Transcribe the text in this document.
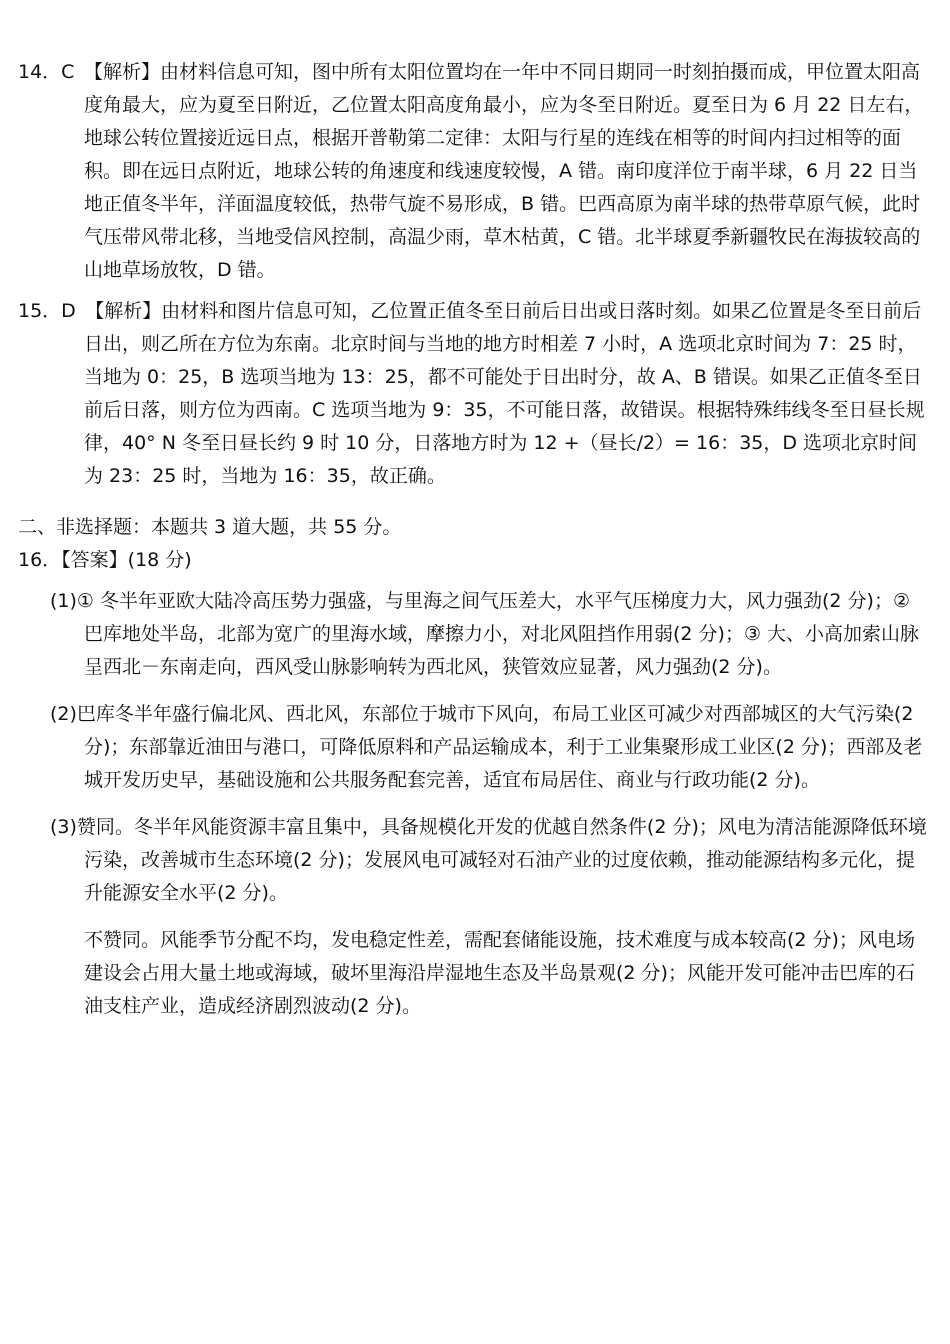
14．C　【解析】由材料信息可知，图中所有太阳位置均在一年中不同日期同一时刻拍摄而成，甲位置太阳高度角最大，应为夏至日附近，乙位置太阳高度角最小，应为冬至日附近。夏至日为 6 月 22 日左右，地球公转位置接近远日点，根据开普勒第二定律：太阳与行星的连线在相等的时间内扫过相等的面积。即在远日点附近，地球公转的角速度和线速度较慢，A 错。南印度洋位于南半球，6 月 22 日当地正值冬半年，洋面温度较低，热带气旋不易形成，B 错。巴西高原为南半球的热带草原气候，此时气压带风带北移，当地受信风控制，高温少雨，草木枯黄，C 错。北半球夏季新疆牧民在海拔较高的山地草场放牧，D 错。

15．D　【解析】由材料和图片信息可知，乙位置正值冬至日前后日出或日落时刻。如果乙位置是冬至日前后日出，则乙所在方位为东南。北京时间与当地的地方时相差 7 小时，A 选项北京时间为 7：25 时，当地为 0：25，B 选项当地为 13：25，都不可能处于日出时分，故 A、B 错误。如果乙正值冬至日前后日落，则方位为西南。C 选项当地为 9：35，不可能日落，故错误。根据特殊纬线冬至日昼长规律，40° N 冬至日昼长约 9 时 10 分，日落地方时为 12 +（昼长/2）= 16：35，D 选项北京时间为 23：25 时，当地为 16：35，故正确。

二、非选择题：本题共 3 道大题，共 55 分。

16．【答案】(18 分)

(1)① 冬半年亚欧大陆冷高压势力强盛，与里海之间气压差大，水平气压梯度力大，风力强劲(2 分)；② 巴库地处半岛，北部为宽广的里海水域，摩擦力小，对北风阻挡作用弱(2 分)；③ 大、小高加索山脉呈西北－东南走向，西风受山脉影响转为西北风，狭管效应显著，风力强劲(2 分)。

(2)巴库冬半年盛行偏北风、西北风，东部位于城市下风向，布局工业区可减少对西部城区的大气污染(2 分)；东部靠近油田与港口，可降低原料和产品运输成本，利于工业集聚形成工业区(2 分)；西部及老城开发历史早，基础设施和公共服务配套完善，适宜布局居住、商业与行政功能(2 分)。

(3)赞同。冬半年风能资源丰富且集中，具备规模化开发的优越自然条件(2 分)；风电为清洁能源降低环境污染，改善城市生态环境(2 分)；发展风电可减轻对石油产业的过度依赖，推动能源结构多元化，提升能源安全水平(2 分)。

不赞同。风能季节分配不均，发电稳定性差，需配套储能设施，技术难度与成本较高(2 分)；风电场建设会占用大量土地或海域，破坏里海沿岸湿地生态及半岛景观(2 分)；风能开发可能冲击巴库的石油支柱产业，造成经济剧烈波动(2 分)。
